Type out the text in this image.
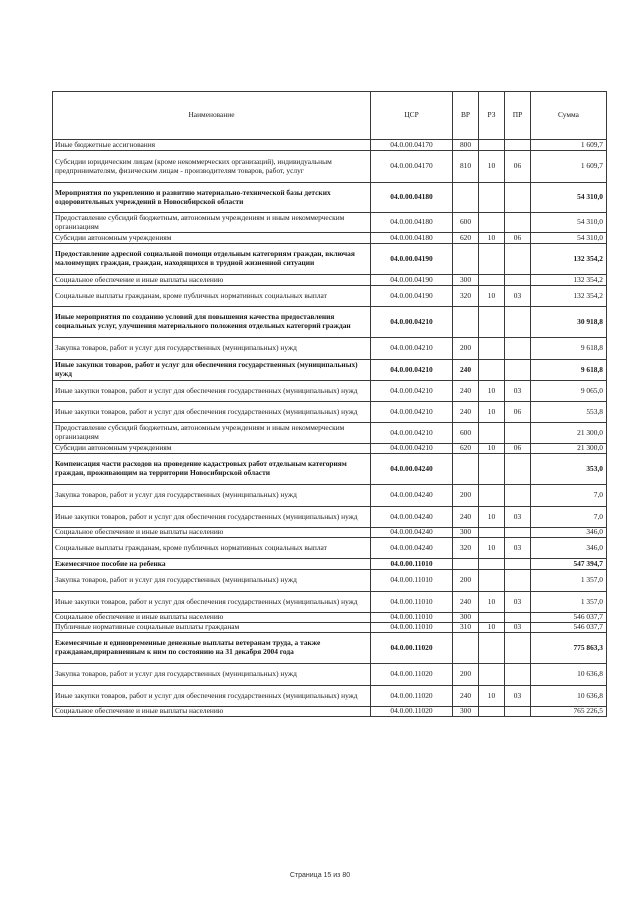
Наименование	ЦСР	ВР	РЗ	ПР	Сумма
Иные бюджетные ассигнования	04.0.00.04170	800			1 609,7
Субсидии юридическим лицам (кроме некоммерческих организаций), индивидуальным предпринимателям, физическим лицам - производителям товаров, работ, услуг	04.0.00.04170	810	10	06	1 609,7
Мероприятия по укреплению и развитию материально-технической базы детских оздоровительных учреждений в Новосибирской области	04.0.00.04180				54 310,0
Предоставление субсидий бюджетным, автономным учреждениям и иным некоммерческим организациям	04.0.00.04180	600			54 310,0
Субсидии автономным учреждениям	04.0.00.04180	620	10	06	54 310,0
Предоставление адресной социальной помощи отдельным категориям граждан, включая малоимущих граждан, граждан, находящихся в трудной жизненной ситуации	04.0.00.04190				132 354,2
Социальное обеспечение и иные выплаты населению	04.0.00.04190	300			132 354,2
Социальные выплаты гражданам, кроме публичных нормативных социальных выплат	04.0.00.04190	320	10	03	132 354,2
Иные мероприятия по созданию условий для повышения качества предоставления социальных услуг, улучшения материального положения отдельных категорий граждан	04.0.00.04210				30 918,8
Закупка товаров, работ и услуг для государственных (муниципальных) нужд	04.0.00.04210	200			9 618,8
Иные закупки товаров, работ и услуг для обеспечения государственных (муниципальных) нужд	04.0.00.04210	240			9 618,8
Иные закупки товаров, работ и услуг для обеспечения государственных (муниципальных) нужд	04.0.00.04210	240	10	03	9 065,0
Иные закупки товаров, работ и услуг для обеспечения государственных (муниципальных) нужд	04.0.00.04210	240	10	06	553,8
Предоставление субсидий бюджетным, автономным учреждениям и иным некоммерческим организациям	04.0.00.04210	600			21 300,0
Субсидии автономным учреждениям	04.0.00.04210	620	10	06	21 300,0
Компенсация части расходов на проведение кадастровых работ отдельным категориям граждан, проживающим на территории Новосибирской области	04.0.00.04240				353,0
Закупка товаров, работ и услуг для государственных (муниципальных) нужд	04.0.00.04240	200			7,0
Иные закупки товаров, работ и услуг для обеспечения государственных (муниципальных) нужд	04.0.00.04240	240	10	03	7,0
Социальное обеспечение и иные выплаты населению	04.0.00.04240	300			346,0
Социальные выплаты гражданам, кроме публичных нормативных социальных выплат	04.0.00.04240	320	10	03	346,0
Ежемесячное пособие на ребенка	04.0.00.11010				547 394,7
Закупка товаров, работ и услуг для государственных (муниципальных) нужд	04.0.00.11010	200			1 357,0
Иные закупки товаров, работ и услуг для обеспечения государственных (муниципальных) нужд	04.0.00.11010	240	10	03	1 357,0
Социальное обеспечение и иные выплаты населению	04.0.00.11010	300			546 037,7
Публичные нормативные социальные выплаты гражданам	04.0.00.11010	310	10	03	546 037,7
Ежемесячные и единовременные денежные выплаты ветеранам труда, а также гражданам,приравненным к ним по состоянию на 31 декабря 2004 года	04.0.00.11020				775 863,3
Закупка товаров, работ и услуг для государственных (муниципальных) нужд	04.0.00.11020	200			10 636,8
Иные закупки товаров, работ и услуг для обеспечения государственных (муниципальных) нужд	04.0.00.11020	240	10	03	10 636,8
Социальное обеспечение и иные выплаты населению	04.0.00.11020	300			765 226,5
Страница 15 из 80
